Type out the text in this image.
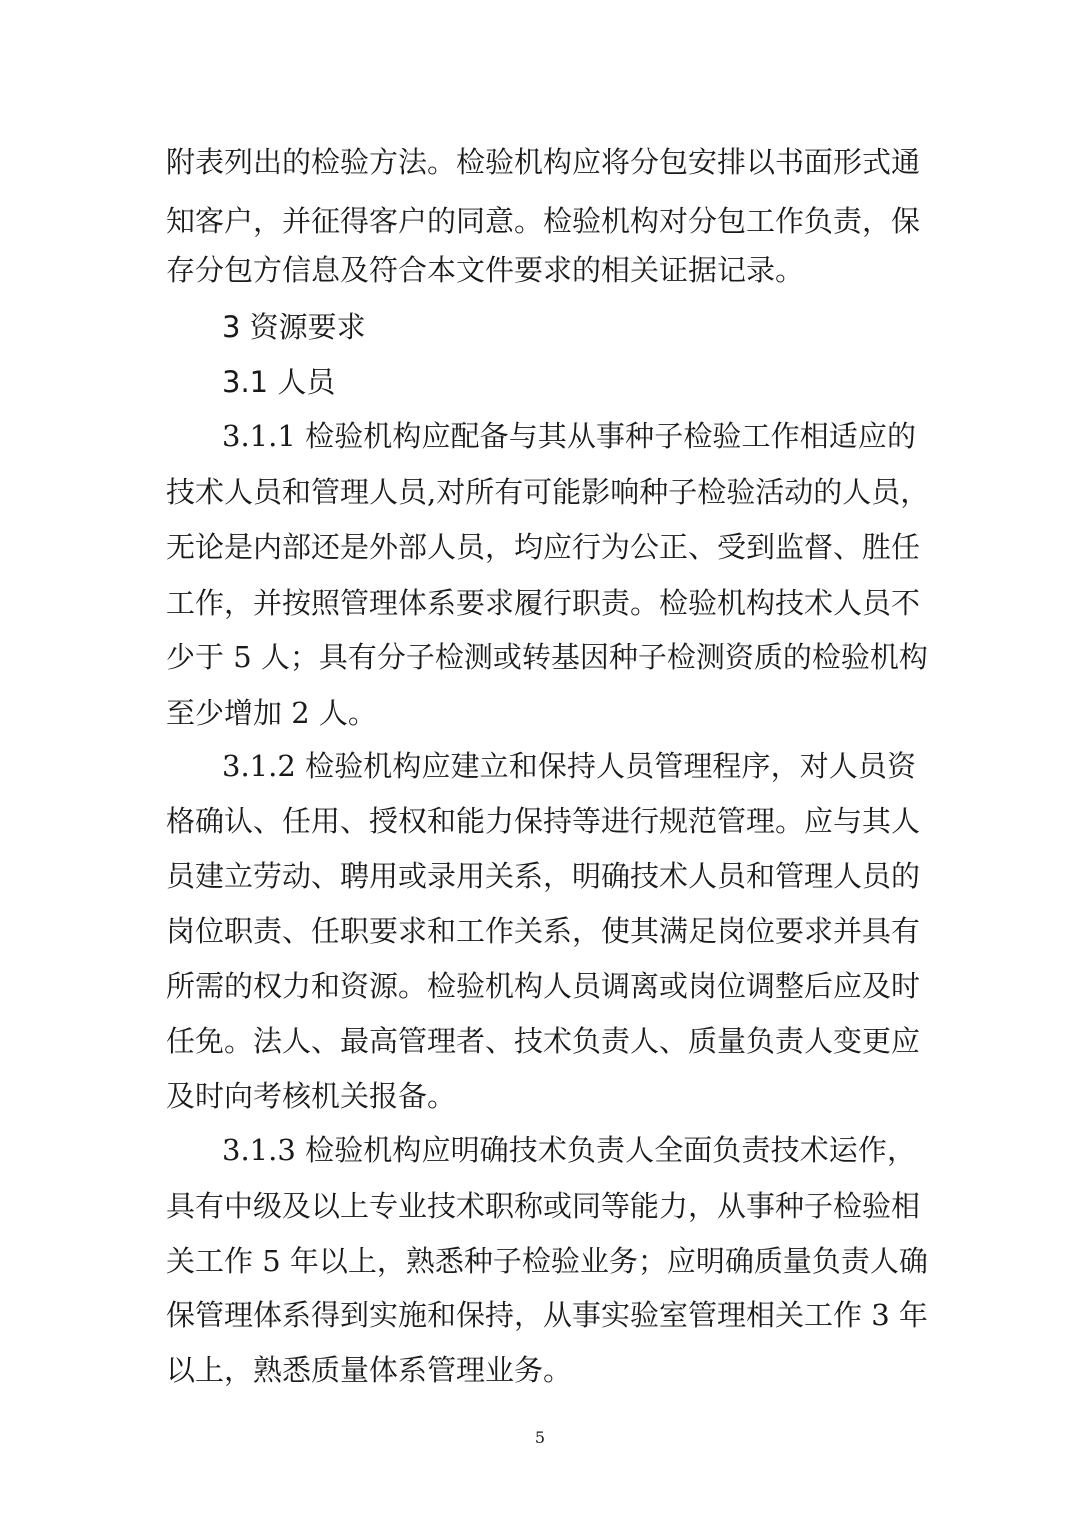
附表列出的检验方法。检验机构应将分包安排以书面形式通
知客户，并征得客户的同意。检验机构对分包工作负责，保
存分包方信息及符合本文件要求的相关证据记录。
3 资源要求
3.1 人员
3.1.1 检验机构应配备与其从事种子检验工作相适应的
技术人员和管理人员,对所有可能影响种子检验活动的人员，
无论是内部还是外部人员，均应行为公正、受到监督、胜任
工作，并按照管理体系要求履行职责。检验机构技术人员不
少于 5 人；具有分子检测或转基因种子检测资质的检验机构
至少增加 2 人。
3.1.2 检验机构应建立和保持人员管理程序，对人员资
格确认、任用、授权和能力保持等进行规范管理。应与其人
员建立劳动、聘用或录用关系，明确技术人员和管理人员的
岗位职责、任职要求和工作关系，使其满足岗位要求并具有
所需的权力和资源。检验机构人员调离或岗位调整后应及时
任免。法人、最高管理者、技术负责人、质量负责人变更应
及时向考核机关报备。
3.1.3 检验机构应明确技术负责人全面负责技术运作，
具有中级及以上专业技术职称或同等能力，从事种子检验相
关工作 5 年以上，熟悉种子检验业务；应明确质量负责人确
保管理体系得到实施和保持，从事实验室管理相关工作 3 年
以上，熟悉质量体系管理业务。
5
